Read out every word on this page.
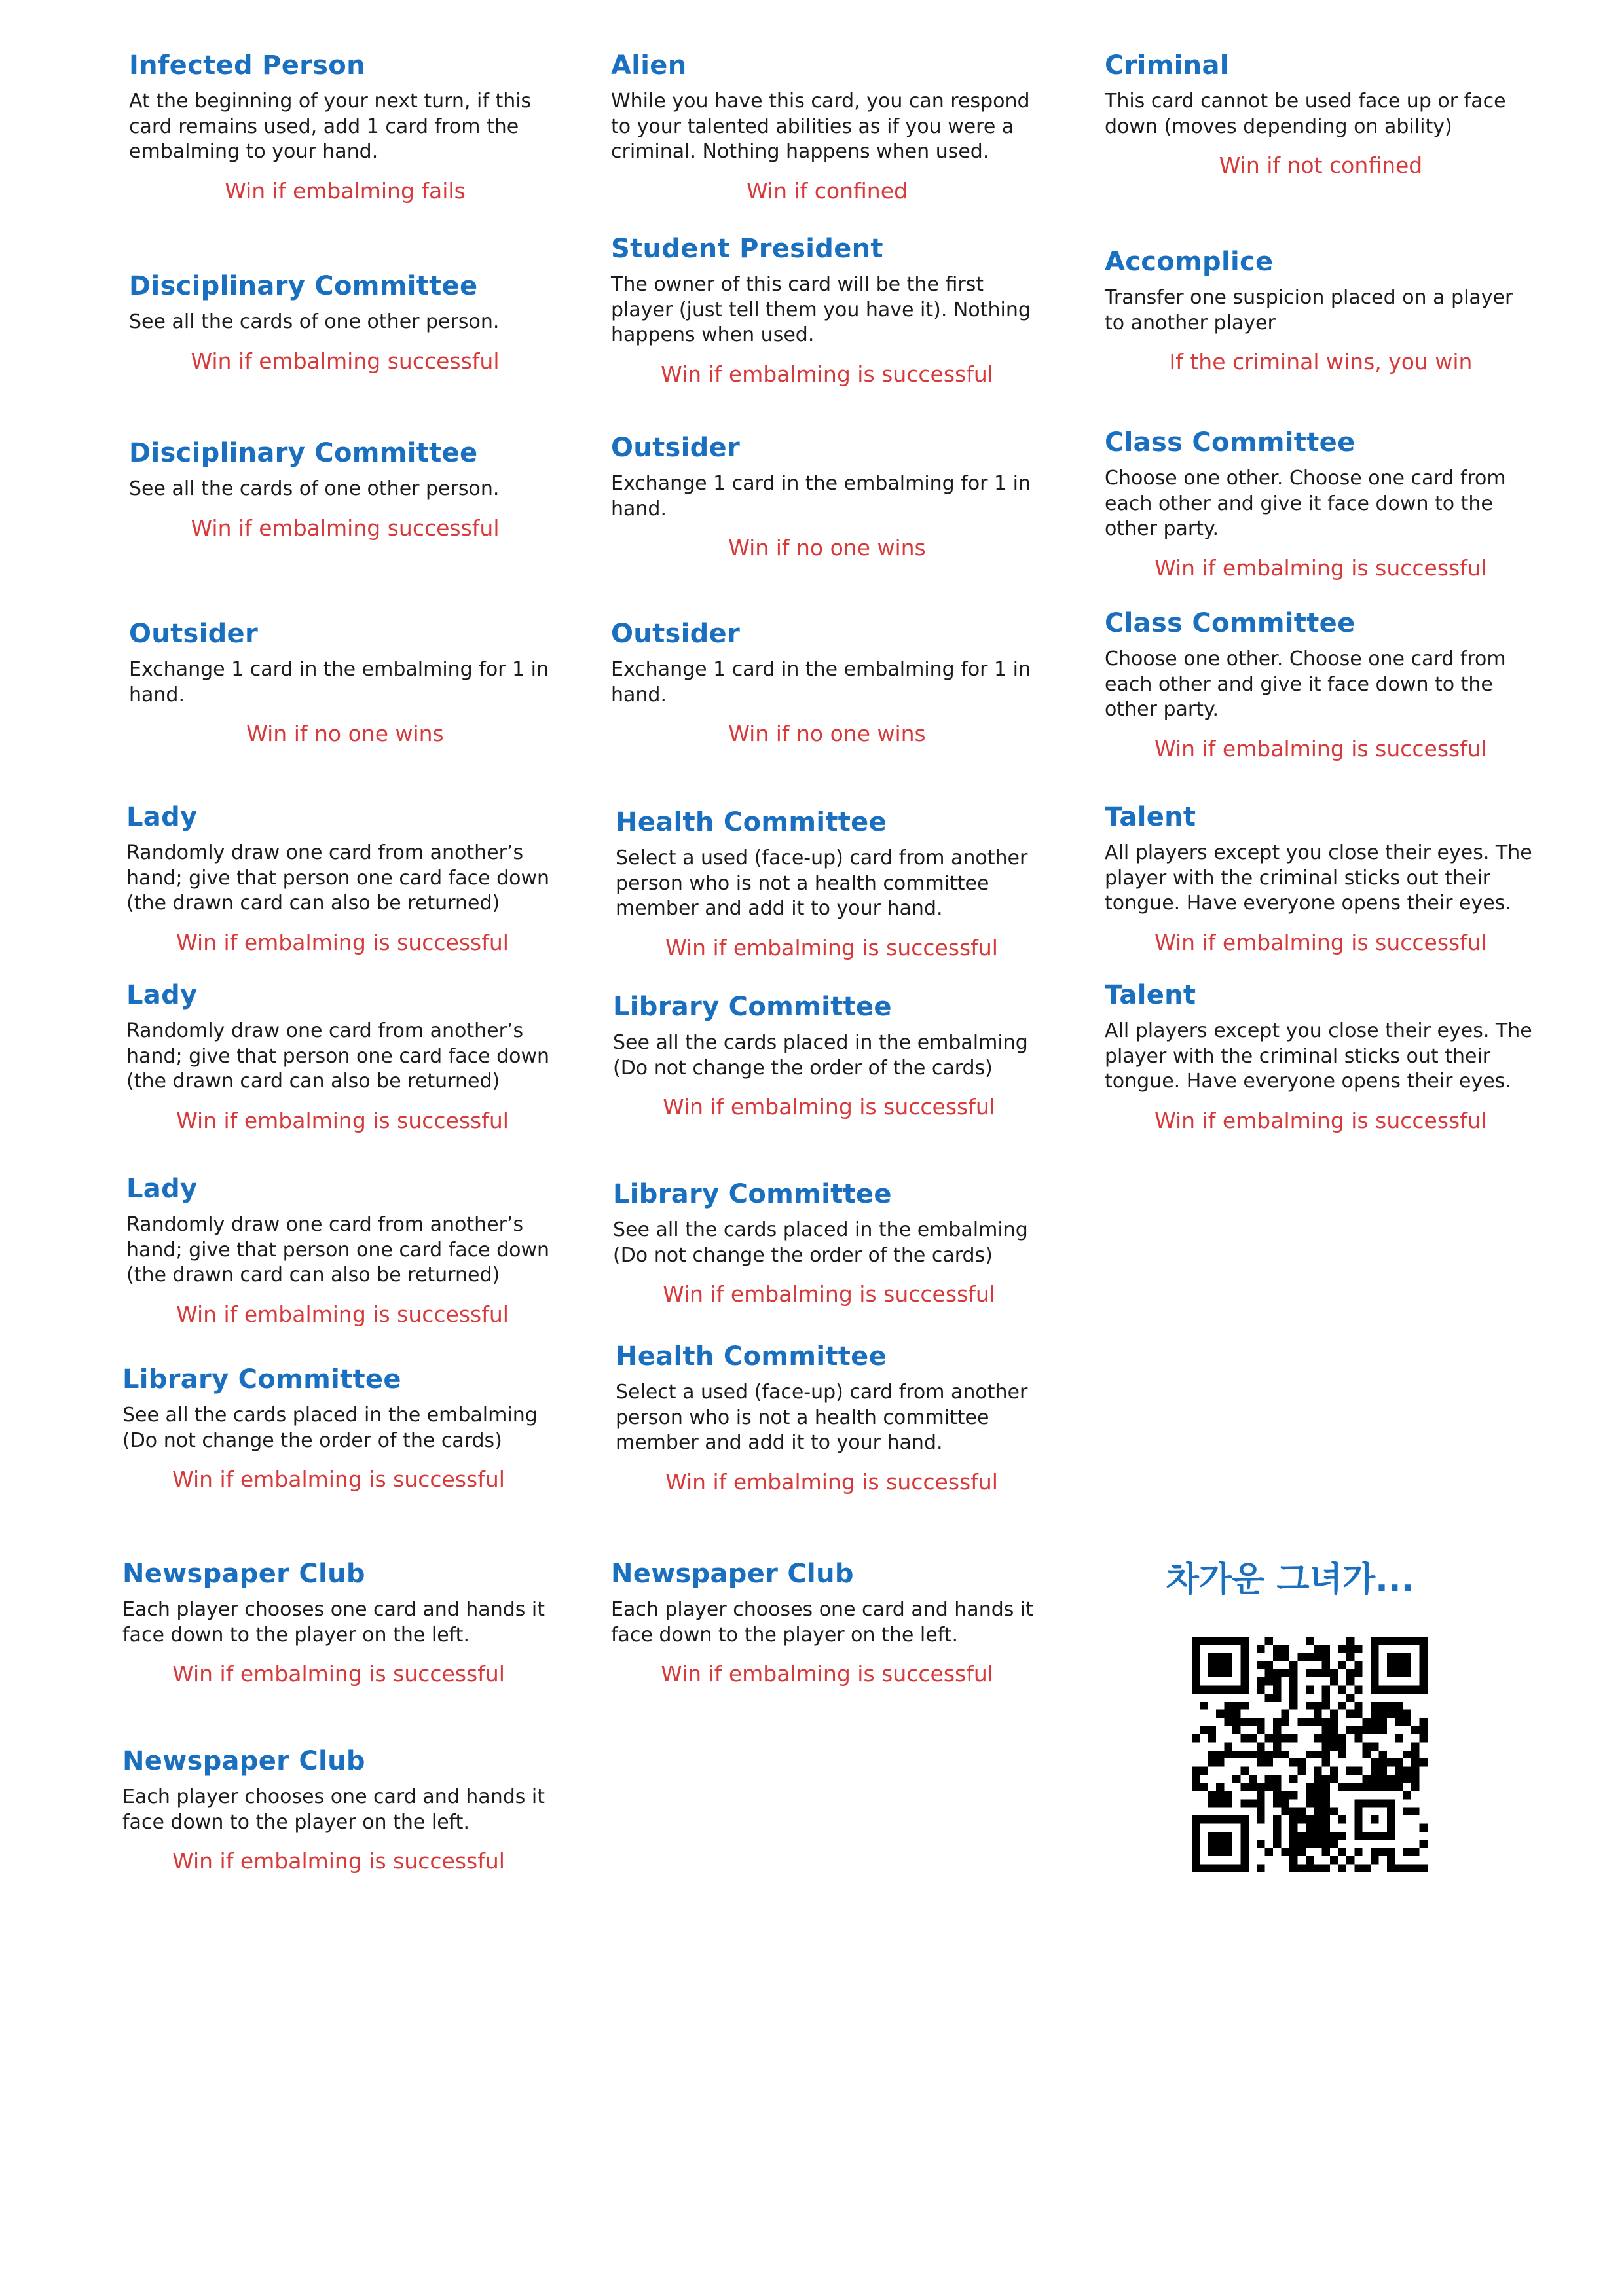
Infected Person

At the beginning of your next turn, if this card remains used, add 1 card from the embalming to your hand.

Win if embalming fails

Disciplinary Committee

See all the cards of one other person.

Win if embalming successful

Disciplinary Committee

See all the cards of one other person.

Win if embalming successful

Outsider

Exchange 1 card in the embalming for 1 in hand.

Win if no one wins

Lady

Randomly draw one card from another’s hand; give that person one card face down (the drawn card can also be returned)

Win if embalming is successful

Lady

Randomly draw one card from another’s hand; give that person one card face down (the drawn card can also be returned)

Win if embalming is successful

Lady

Randomly draw one card from another’s hand; give that person one card face down (the drawn card can also be returned)

Win if embalming is successful

Library Committee

See all the cards placed in the embalming (Do not change the order of the cards)

Win if embalming is successful

Newspaper Club

Each player chooses one card and hands it face down to the player on the left.

Win if embalming is successful

Newspaper Club

Each player chooses one card and hands it face down to the player on the left.

Win if embalming is successful

Alien

While you have this card, you can respond to your talented abilities as if you were a criminal. Nothing happens when used.

Win if confined

Student President

The owner of this card will be the first player (just tell them you have it). Nothing happens when used.

Win if embalming is successful

Outsider

Exchange 1 card in the embalming for 1 in hand.

Win if no one wins

Outsider

Exchange 1 card in the embalming for 1 in hand.

Win if no one wins

Health Committee

Select a used (face-up) card from another person who is not a health committee member and add it to your hand.

Win if embalming is successful

Library Committee

See all the cards placed in the embalming (Do not change the order of the cards)

Win if embalming is successful

Library Committee

See all the cards placed in the embalming (Do not change the order of the cards)

Win if embalming is successful

Health Committee

Select a used (face-up) card from another person who is not a health committee member and add it to your hand.

Win if embalming is successful

Newspaper Club

Each player chooses one card and hands it face down to the player on the left.

Win if embalming is successful

Criminal

This card cannot be used face up or face down (moves depending on ability)

Win if not confined

Accomplice

Transfer one suspicion placed on a player to another player

If the criminal wins, you win

Class Committee

Choose one other. Choose one card from each other and give it face down to the other party.

Win if embalming is successful

Class Committee

Choose one other. Choose one card from each other and give it face down to the other party.

Win if embalming is successful

Talent

All players except you close their eyes. The player with the criminal sticks out their tongue. Have everyone opens their eyes.

Win if embalming is successful

Talent

All players except you close their eyes. The player with the criminal sticks out their tongue. Have everyone opens their eyes.

Win if embalming is successful

차가운 그녀가...
